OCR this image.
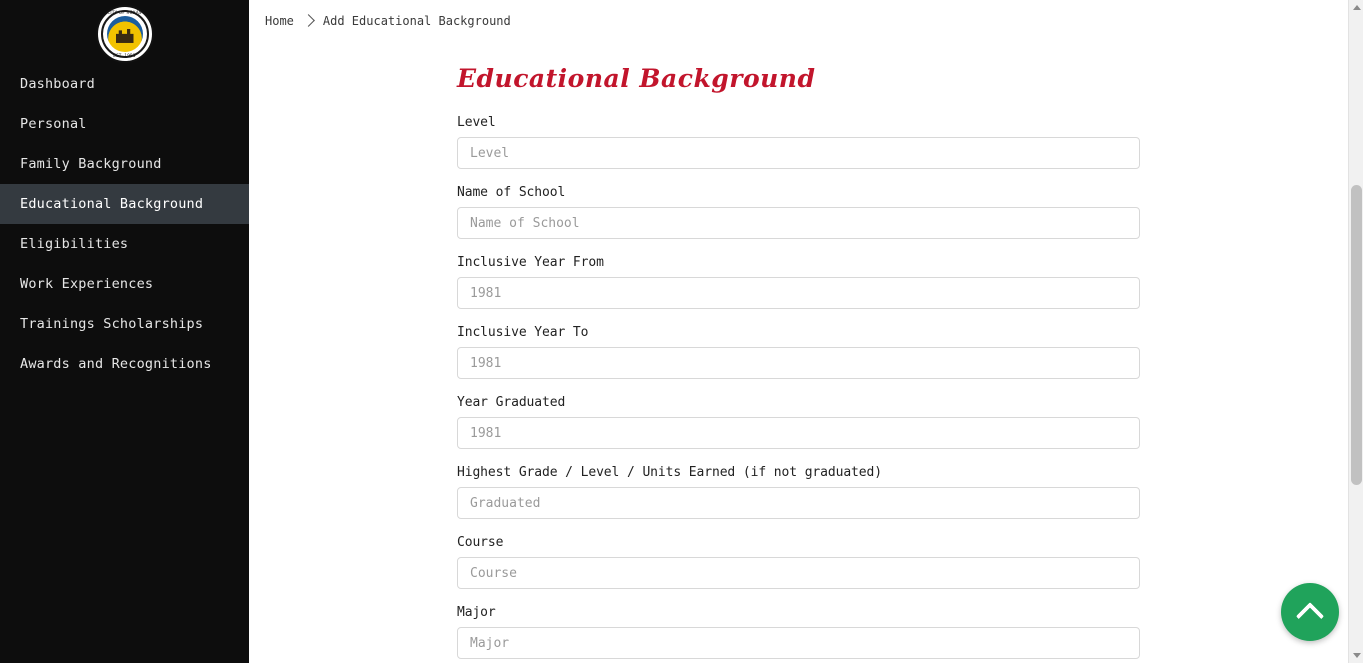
CITY OF ROXAS
EST. 1951
Dashboard
Personal
Family Background
Educational Background
Eligibilities
Work Experiences
Trainings Scholarships
Awards and Recognitions
Home Add Educational Background
Educational Background
Level
Level
Name of School
Name of School
Inclusive Year From
1981
Inclusive Year To
1981
Year Graduated
1981
Highest Grade / Level / Units Earned (if not graduated)
Graduated
Course
Course
Major
Major
